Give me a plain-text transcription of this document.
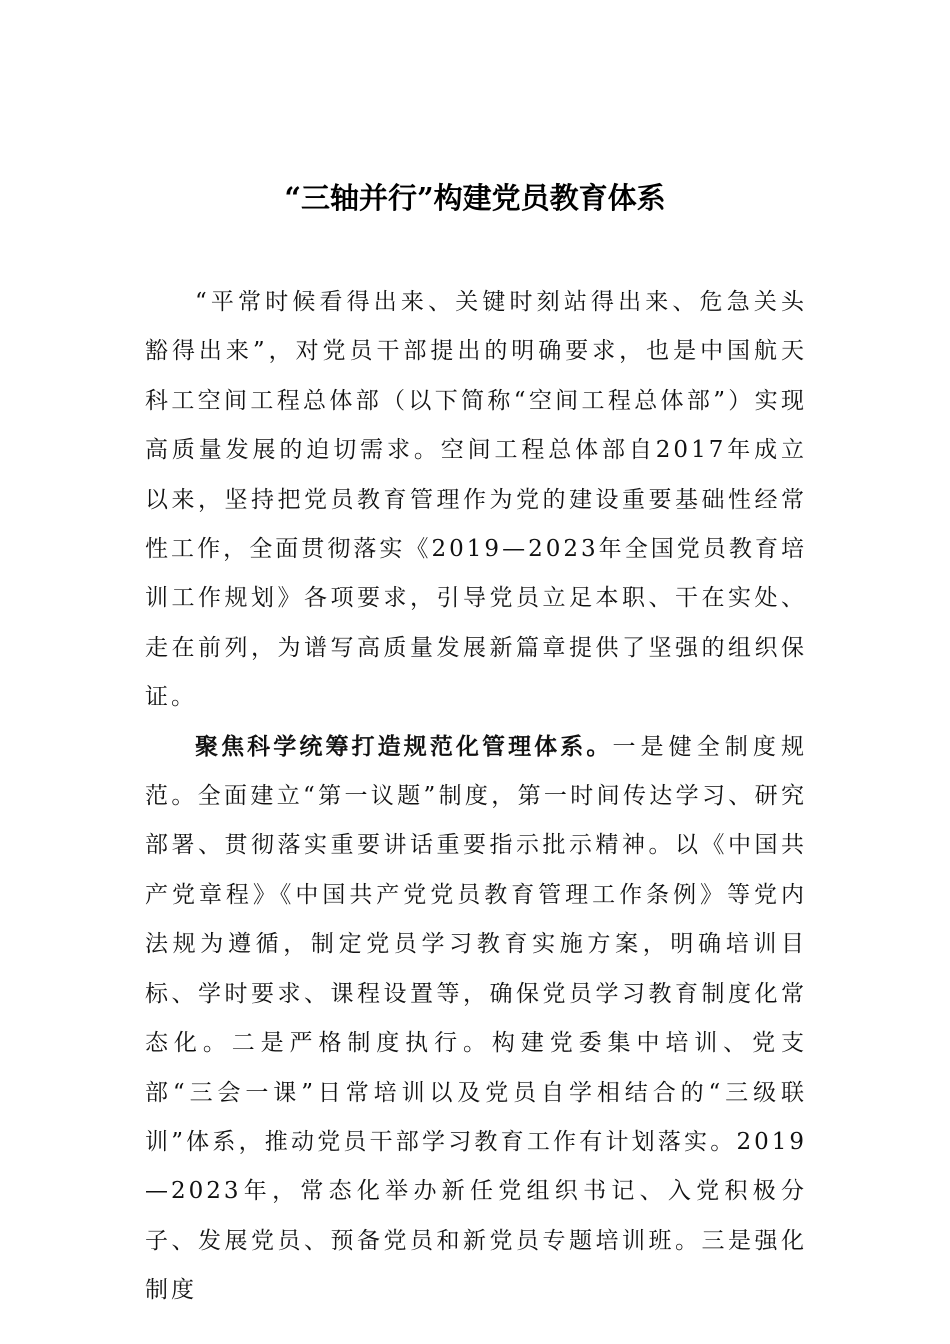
“三轴并行”构建党员教育体系

“平常时候看得出来、关键时刻站得出来、危急关头豁得出来”，对党员干部提出的明确要求，也是中国航天科工空间工程总体部（以下简称“空间工程总体部”）实现高质量发展的迫切需求。空间工程总体部自2017年成立以来，坚持把党员教育管理作为党的建设重要基础性经常性工作，全面贯彻落实《2019—2023年全国党员教育培训工作规划》各项要求，引导党员立足本职、干在实处、走在前列，为谱写高质量发展新篇章提供了坚强的组织保证。

聚焦科学统筹打造规范化管理体系。一是健全制度规范。全面建立“第一议题”制度，第一时间传达学习、研究部署、贯彻落实重要讲话重要指示批示精神。以《中国共产党章程》《中国共产党党员教育管理工作条例》等党内法规为遵循，制定党员学习教育实施方案，明确培训目标、学时要求、课程设置等，确保党员学习教育制度化常态化。二是严格制度执行。构建党委集中培训、党支部“三会一课”日常培训以及党员自学相结合的“三级联训”体系，推动党员干部学习教育工作有计划落实。2019—2023年，常态化举办新任党组织书记、入党积极分子、发展党员、预备党员和新党员专题培训班。三是强化制度
